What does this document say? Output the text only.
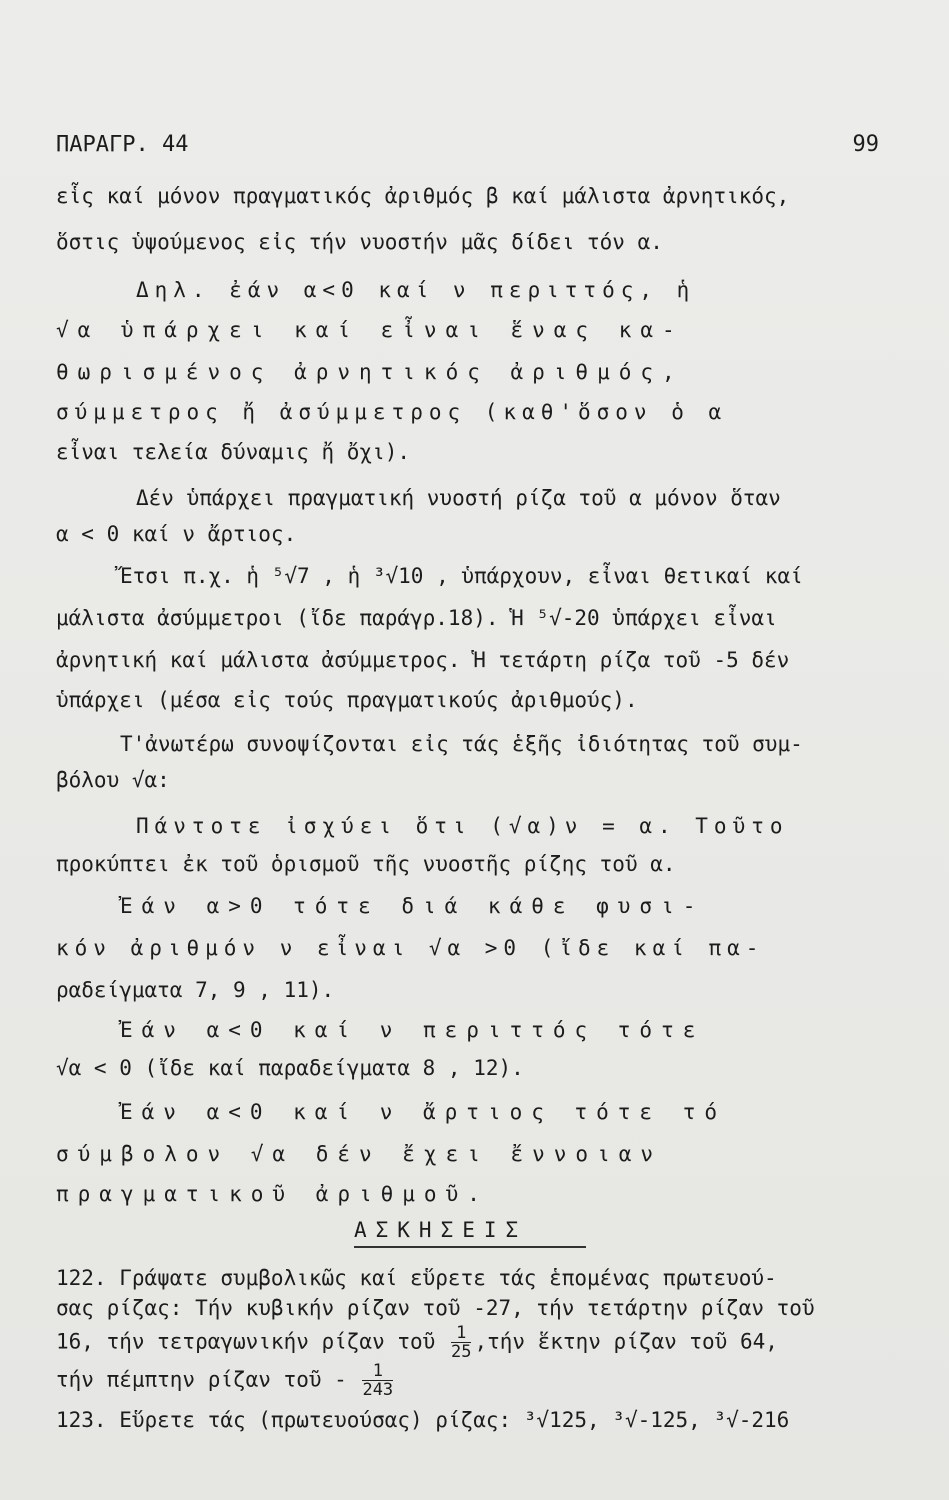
ΠΑΡΑΓΡ. 44	99
εἷς καί μόνον πραγματικός ἀριθμός β καί μάλιστα ἀρνητικός,
ὅστις ὑψούμενος εἰς τήν νυοστήν μᾶς δίδει τόν α.
Δηλ. ἐάν α<0 καί ν περιττός, ἡ
√α ὑπάρχει καί εἶναι ἕνας κα-
θωρισμένος ἀρνητικός ἀριθμός,
σύμμετρος ἤ ἀσύμμετρος (καθ'ὅσον ὁ α
εἶναι τελεία δύναμις ἤ ὄχι).
Δέν ὑπάρχει πραγματική νυοστή ρίζα τοῦ α μόνον ὅταν
α < 0 καί ν ἄρτιος.
Ἔτσι π.χ. ἡ ⁵√7 , ἡ ³√10 , ὑπάρχουν, εἶναι θετικαί καί
μάλιστα ἀσύμμετροι (ἴδε παράγρ.18). Ἡ ⁵√-20 ὑπάρχει εἶναι
ἀρνητική καί μάλιστα ἀσύμμετρος. Ἡ τετάρτη ρίζα τοῦ -5 δέν
ὑπάρχει (μέσα εἰς τούς πραγματικούς ἀριθμούς).
Τ'ἀνωτέρω συνοψίζονται εἰς τάς ἑξῆς ἰδιότητας τοῦ συμ-
βόλου √α:
Πάντοτε ἰσχύει ὅτι (√α)ν = α. Τοῦτο
προκύπτει ἐκ τοῦ ὁρισμοῦ τῆς νυοστῆς ρίζης τοῦ α.
Ἐάν α>0 τότε διά κάθε φυσι-
κόν ἀριθμόν ν εἶναι √α >0 (ἴδε καί πα-
ραδείγματα 7, 9 , 11).
Ἐάν α<0 καί ν περιττός τότε
√α < 0 (ἴδε καί παραδείγματα 8 , 12).
Ἐάν α<0 καί ν ἄρτιος τότε τό
σύμβολον √α δέν ἔχει ἔννοιαν
πραγματικοῦ ἀριθμοῦ.
ΑΣΚΗΣΕΙΣ
122. Γράψατε συμβολικῶς καί εὕρετε τάς ἑπομένας πρωτευού-
σας ρίζας: Τήν κυβικήν ρίζαν τοῦ -27, τήν τετάρτην ρίζαν τοῦ
16, τήν τετραγωνικήν ρίζαν τοῦ $\frac{1}{25} ,\tau ή\nu$ ἕκτην ρίζαν τοῦ 64,
τήν πέμπτην ρίζαν τοῦ - $\frac{1}{243}$
123. Εὕρετε τάς (πρωτευούσας) ρίζας: ³√125, ³√-125, ³√-216
